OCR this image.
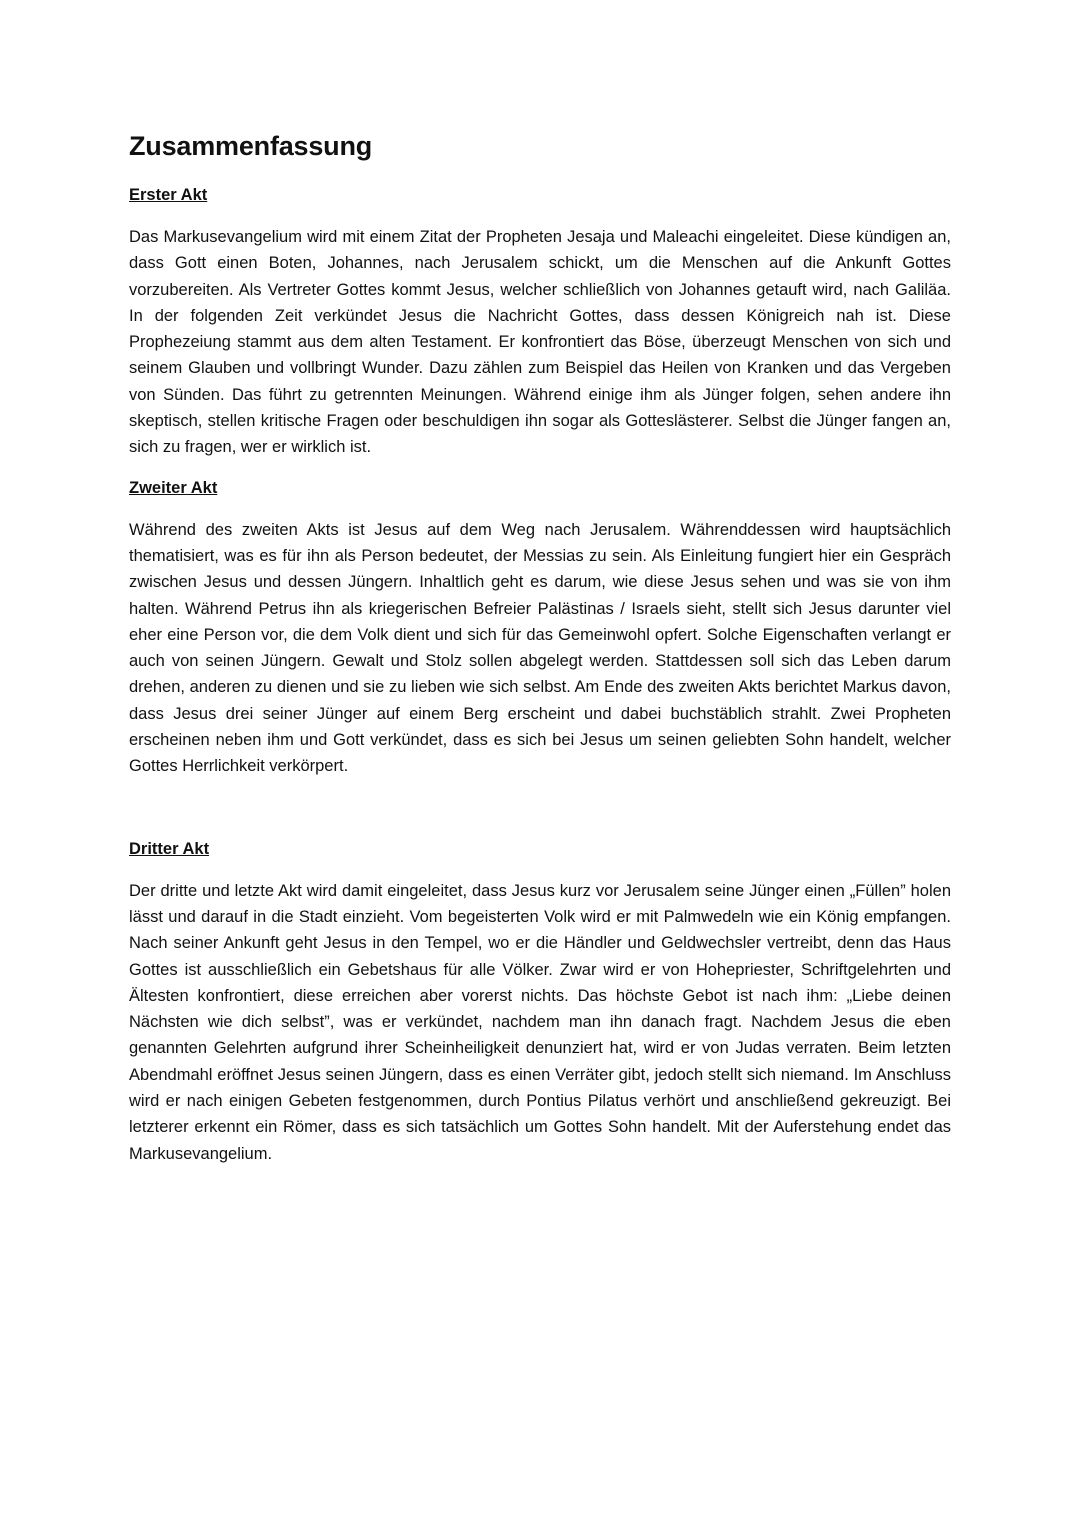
Zusammenfassung
Erster Akt

Das Markusevangelium wird mit einem Zitat der Propheten Jesaja und Maleachi eingeleitet. Diese kündigen an, dass Gott einen Boten, Johannes, nach Jerusalem schickt, um die Menschen auf die Ankunft Gottes vorzubereiten. Als Vertreter Gottes kommt Jesus, welcher schließlich von Johannes getauft wird, nach Galiläa. In der folgenden Zeit verkündet Jesus die Nachricht Gottes, dass dessen Königreich nah ist. Diese Prophezeiung stammt aus dem alten Testament. Er konfrontiert das Böse, überzeugt Menschen von sich und seinem Glauben und vollbringt Wunder. Dazu zählen zum Beispiel das Heilen von Kranken und das Vergeben von Sünden. Das führt zu getrennten Meinungen. Während einige ihm als Jünger folgen, sehen andere ihn skeptisch, stellen kritische Fragen oder beschuldigen ihn sogar als Gotteslästerer. Selbst die Jünger fangen an, sich zu fragen, wer er wirklich ist.

Zweiter Akt

Während des zweiten Akts ist Jesus auf dem Weg nach Jerusalem. Währenddessen wird hauptsächlich thematisiert, was es für ihn als Person bedeutet, der Messias zu sein. Als Einleitung fungiert hier ein Gespräch zwischen Jesus und dessen Jüngern. Inhaltlich geht es darum, wie diese Jesus sehen und was sie von ihm halten. Während Petrus ihn als kriegerischen Befreier Palästinas / Israels sieht, stellt sich Jesus darunter viel eher eine Person vor, die dem Volk dient und sich für das Gemeinwohl opfert. Solche Eigenschaften verlangt er auch von seinen Jüngern. Gewalt und Stolz sollen abgelegt werden. Stattdessen soll sich das Leben darum drehen, anderen zu dienen und sie zu lieben wie sich selbst. Am Ende des zweiten Akts berichtet Markus davon, dass Jesus drei seiner Jünger auf einem Berg erscheint und dabei buchstäblich strahlt. Zwei Propheten erscheinen neben ihm und Gott verkündet, dass es sich bei Jesus um seinen geliebten Sohn handelt, welcher Gottes Herrlichkeit verkörpert.

Dritter Akt

Der dritte und letzte Akt wird damit eingeleitet, dass Jesus kurz vor Jerusalem seine Jünger einen „Füllen” holen lässt und darauf in die Stadt einzieht. Vom begeisterten Volk wird er mit Palmwedeln wie ein König empfangen. Nach seiner Ankunft geht Jesus in den Tempel, wo er die Händler und Geldwechsler vertreibt, denn das Haus Gottes ist ausschließlich ein Gebetshaus für alle Völker. Zwar wird er von Hohepriester, Schriftgelehrten und Ältesten konfrontiert, diese erreichen aber vorerst nichts. Das höchste Gebot ist nach ihm: „Liebe deinen Nächsten wie dich selbst”, was er verkündet, nachdem man ihn danach fragt. Nachdem Jesus die eben genannten Gelehrten aufgrund ihrer Scheinheiligkeit denunziert hat, wird er von Judas verraten. Beim letzten Abendmahl eröffnet Jesus seinen Jüngern, dass es einen Verräter gibt, jedoch stellt sich niemand. Im Anschluss wird er nach einigen Gebeten festgenommen, durch Pontius Pilatus verhört und anschließend gekreuzigt. Bei letzterer erkennt ein Römer, dass es sich tatsächlich um Gottes Sohn handelt. Mit der Auferstehung endet das Markusevangelium.
